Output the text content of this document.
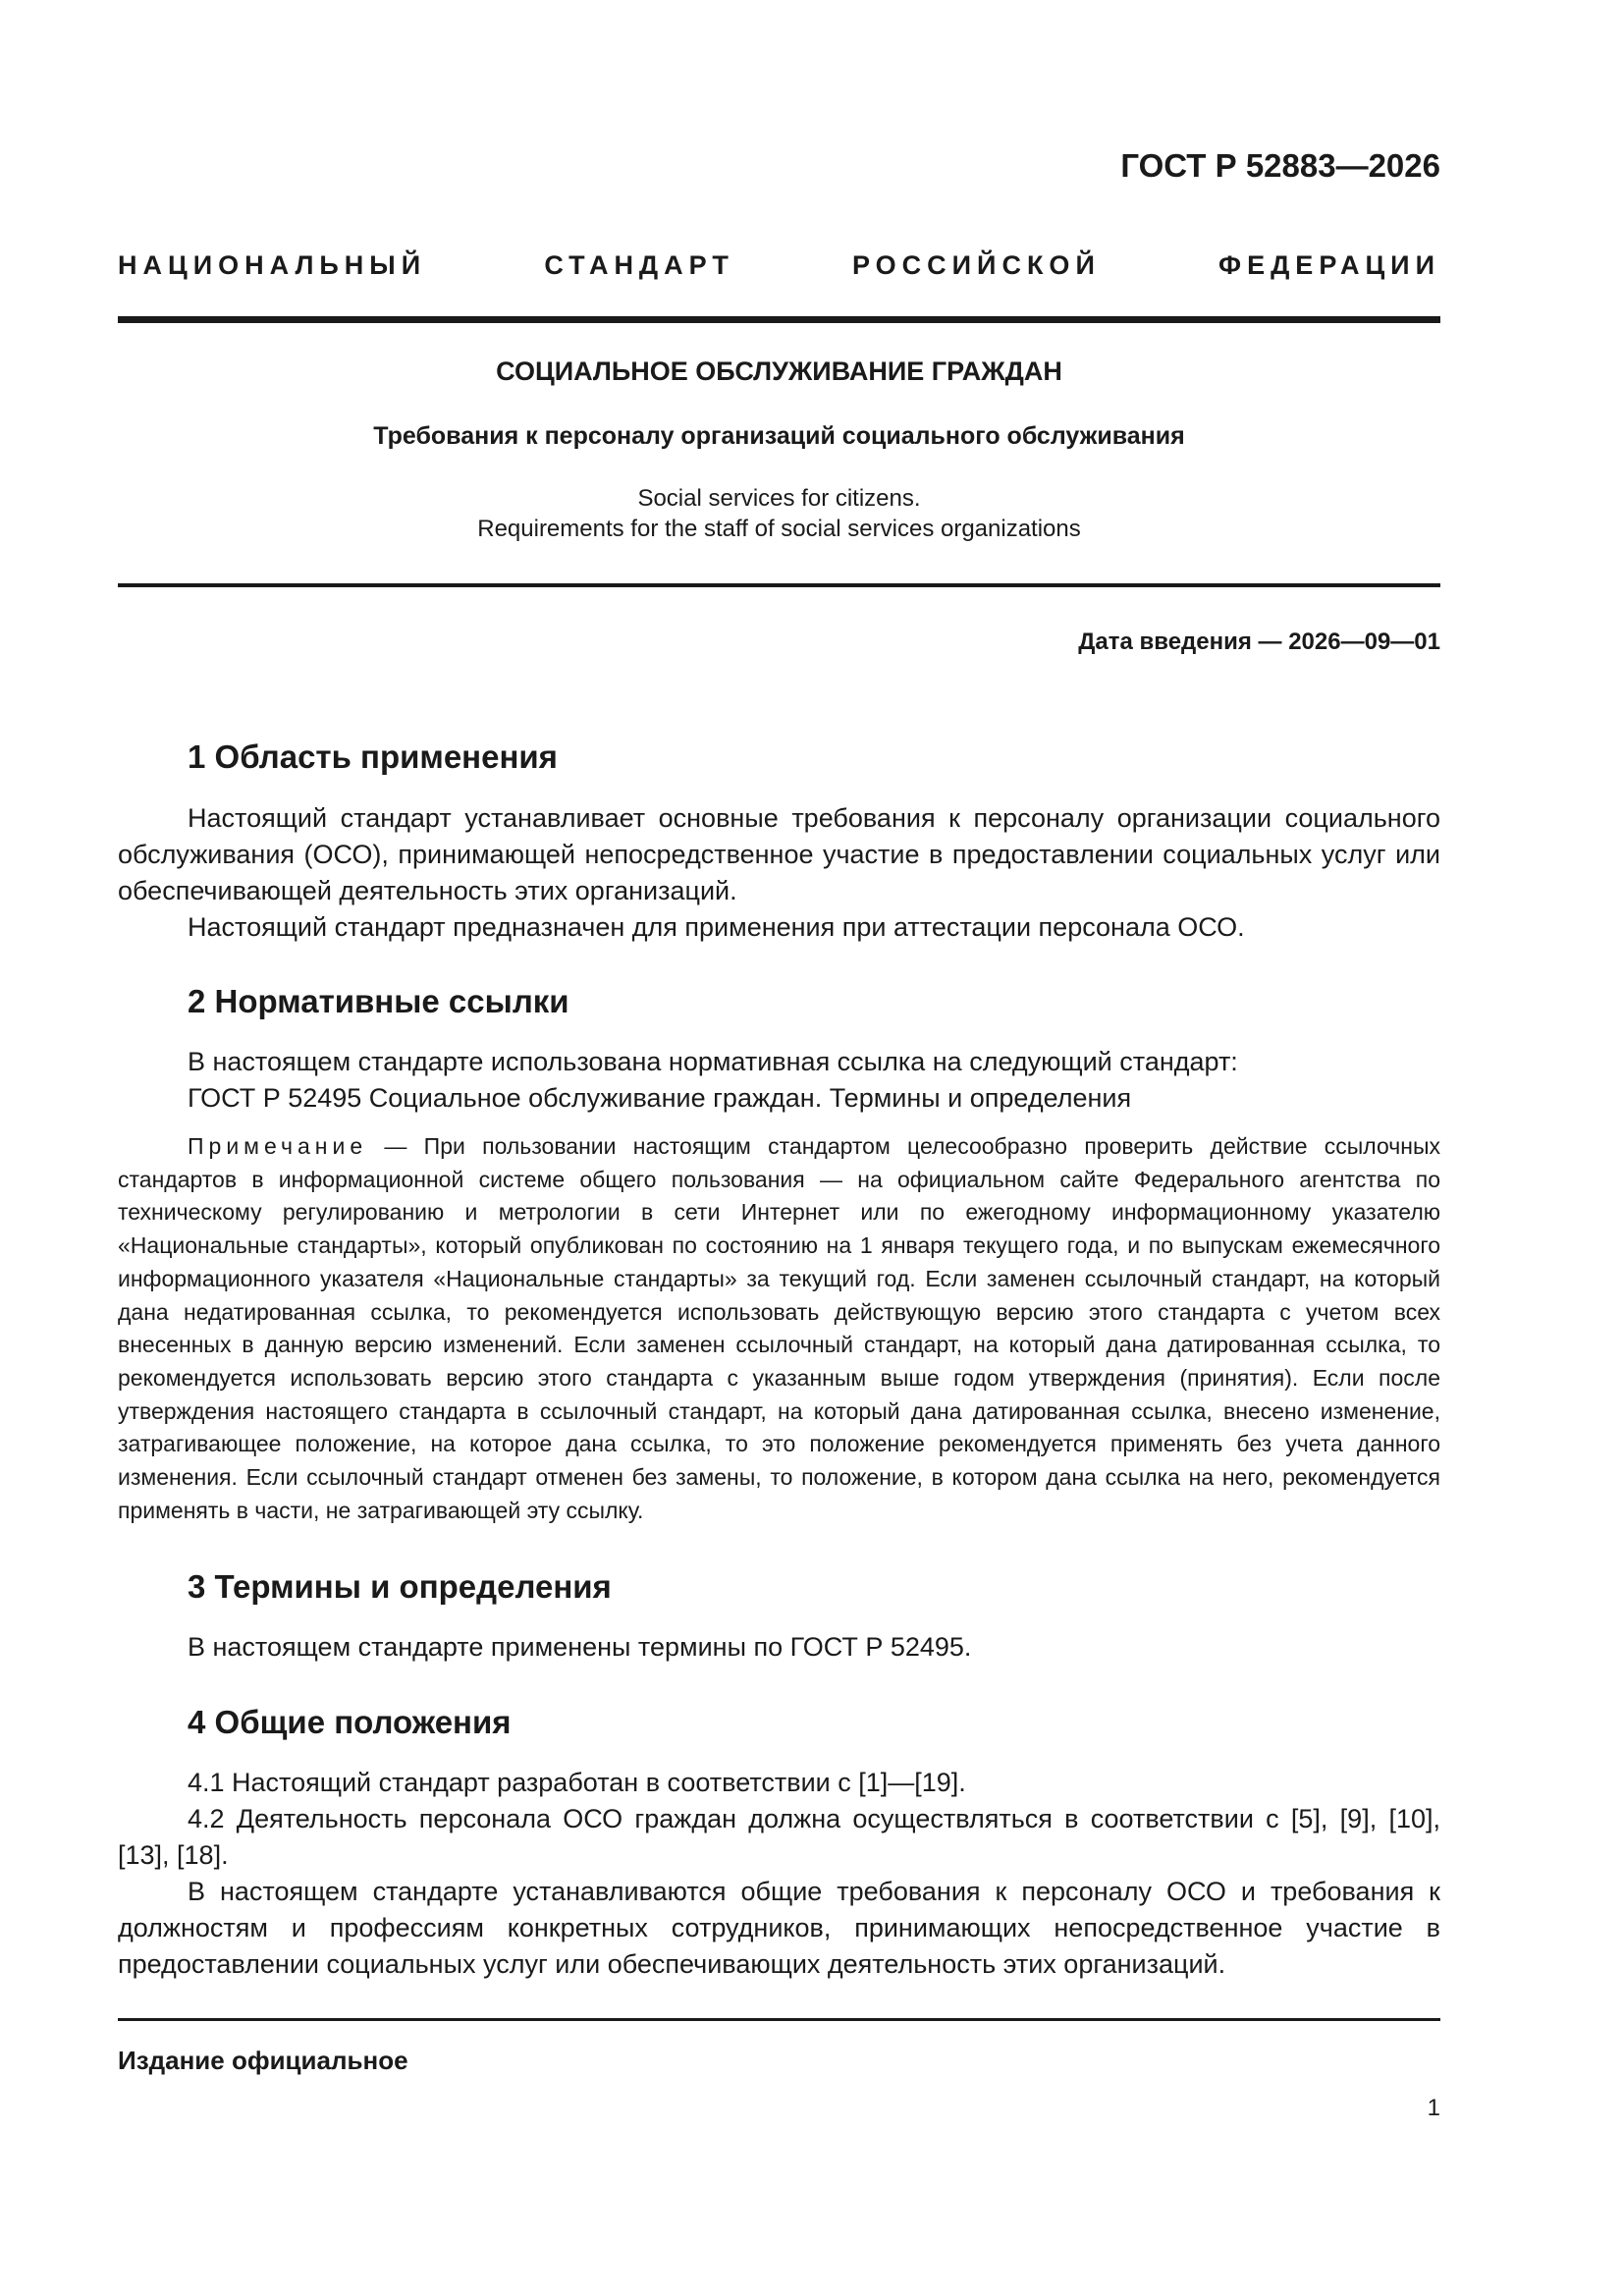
ГОСТ Р 52883—2026
НАЦИОНАЛЬНЫЙ СТАНДАРТ РОССИЙСКОЙ ФЕДЕРАЦИИ
СОЦИАЛЬНОЕ ОБСЛУЖИВАНИЕ ГРАЖДАН
Требования к персоналу организаций социального обслуживания
Social services for citizens.
Requirements for the staff of social services organizations
Дата введения — 2026—09—01
1 Область применения

Настоящий стандарт устанавливает основные требования к персоналу организации социального обслуживания (ОСО), принимающей непосредственное участие в предоставлении социальных услуг или обеспечивающей деятельность этих организаций.

Настоящий стандарт предназначен для применения при аттестации персонала ОСО.

2 Нормативные ссылки

В настоящем стандарте использована нормативная ссылка на следующий стандарт:

ГОСТ Р 52495 Социальное обслуживание граждан. Термины и определения

Примечание — При пользовании настоящим стандартом целесообразно проверить действие ссылочных стандартов в информационной системе общего пользования — на официальном сайте Федерального агентства по техническому регулированию и метрологии в сети Интернет или по ежегодному информационному указателю «Национальные стандарты», который опубликован по состоянию на 1 января текущего года, и по выпускам ежемесячного информационного указателя «Национальные стандарты» за текущий год. Если заменен ссылочный стандарт, на который дана недатированная ссылка, то рекомендуется использовать действующую версию этого стандарта с учетом всех внесенных в данную версию изменений. Если заменен ссылочный стандарт, на который дана датированная ссылка, то рекомендуется использовать версию этого стандарта с указанным выше годом утверждения (принятия). Если после утверждения настоящего стандарта в ссылочный стандарт, на который дана датированная ссылка, внесено изменение, затрагивающее положение, на которое дана ссылка, то это положение рекомендуется применять без учета данного изменения. Если ссылочный стандарт отменен без замены, то положение, в котором дана ссылка на него, рекомендуется применять в части, не затрагивающей эту ссылку.

3 Термины и определения

В настоящем стандарте применены термины по ГОСТ Р 52495.

4 Общие положения

4.1 Настоящий стандарт разработан в соответствии с [1]—[19].

4.2 Деятельность персонала ОСО граждан должна осуществляться в соответствии с [5], [9], [10], [13], [18].

В настоящем стандарте устанавливаются общие требования к персоналу ОСО и требования к должностям и профессиям конкретных сотрудников, принимающих непосредственное участие в предоставлении социальных услуг или обеспечивающих деятельность этих организаций.

Издание официальное
1
